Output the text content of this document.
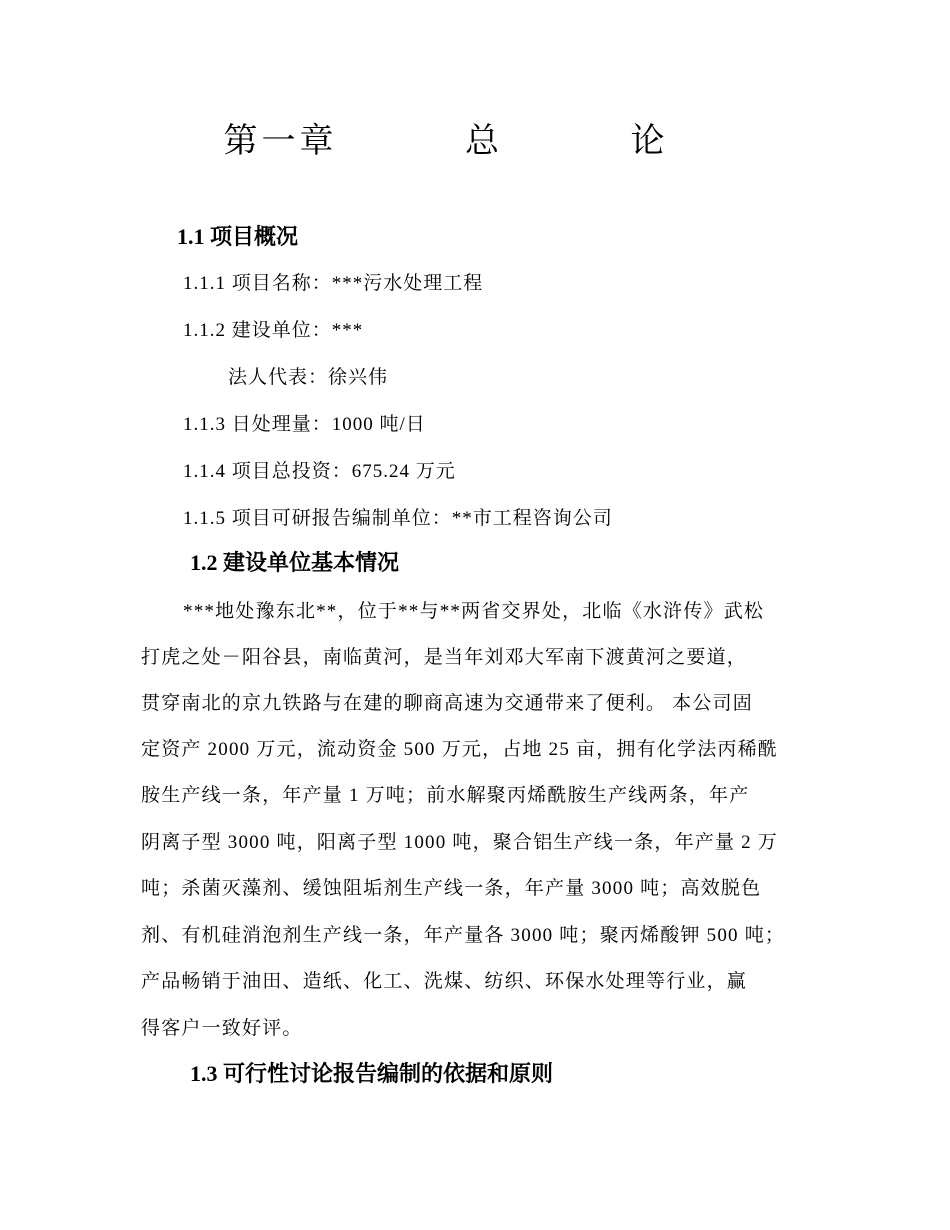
第一章   总   论
1.1 项目概况
1.1.1 项目名称：***污水处理工程
1.1.2 建设单位：***
法人代表：徐兴伟
1.1.3 日处理量：1000 吨/日
1.1.4 项目总投资：675.24 万元
1.1.5 项目可研报告编制单位：**市工程咨询公司
1.2 建设单位基本情况
***地处豫东北**，位于**与**两省交界处，北临《水浒传》武松
打虎之处－阳谷县，南临黄河，是当年刘邓大军南下渡黄河之要道，
贯穿南北的京九铁路与在建的聊商高速为交通带来了便利。 本公司固
定资产 2000 万元，流动资金 500 万元，占地 25 亩，拥有化学法丙稀酰
胺生产线一条，年产量 1 万吨；前水解聚丙烯酰胺生产线两条，年产
阴离子型 3000 吨，阳离子型 1000 吨，聚合铝生产线一条，年产量 2 万
吨；杀菌灭藻剂、缓蚀阻垢剂生产线一条，年产量 3000 吨；高效脱色
剂、有机硅消泡剂生产线一条，年产量各 3000 吨；聚丙烯酸钾 500 吨；
产品畅销于油田、造纸、化工、洗煤、纺织、环保水处理等行业，赢
得客户一致好评。
1.3 可行性讨论报告编制的依据和原则
